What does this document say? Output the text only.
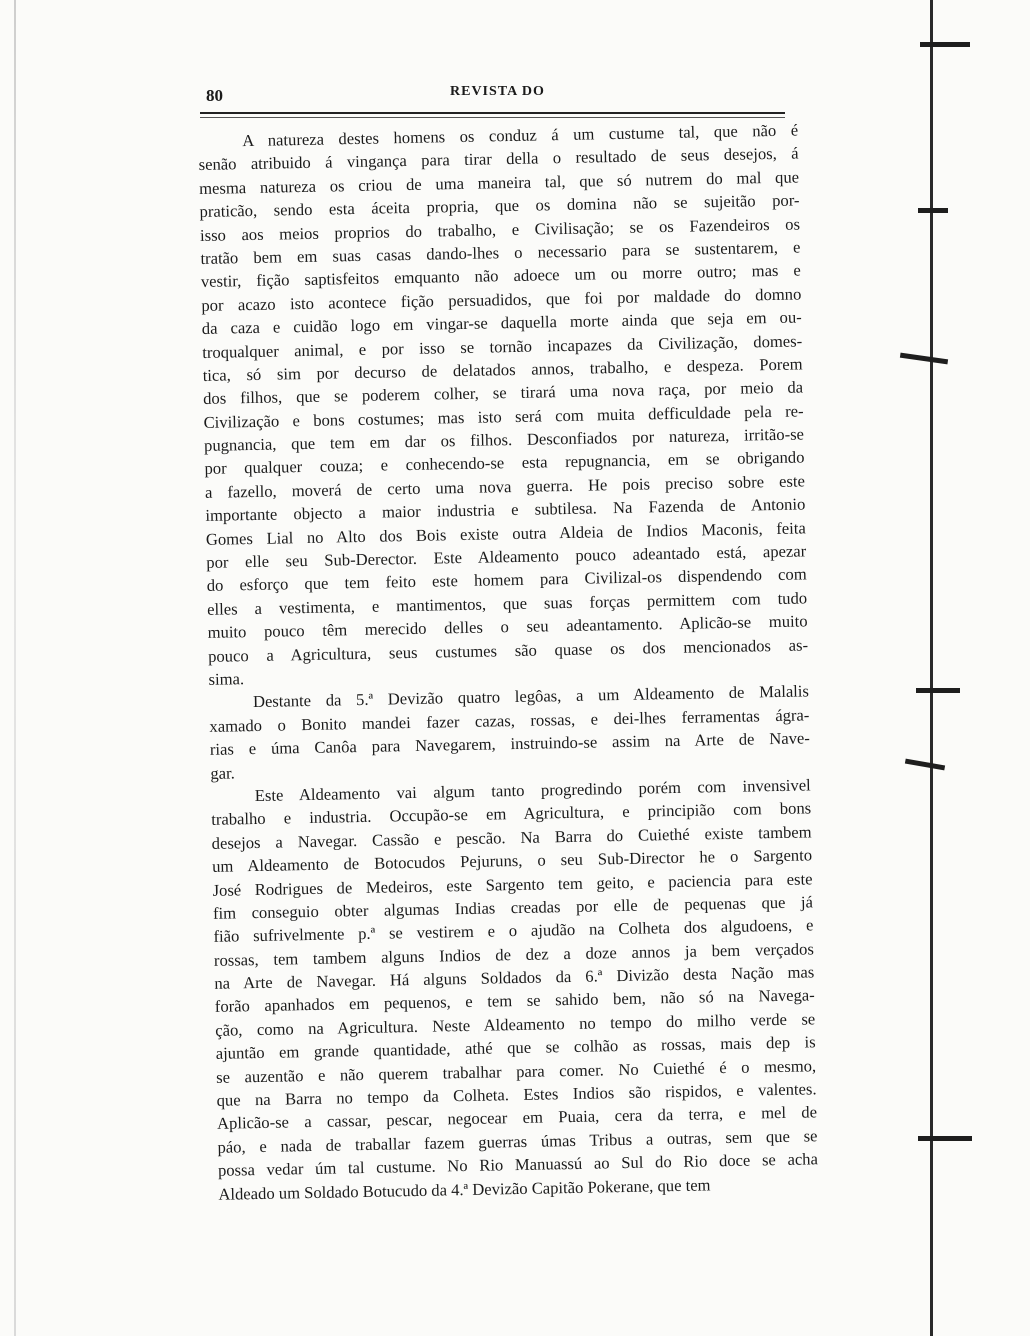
80	REVISTA DO
A natureza destes homens os conduz á um custume tal, que não é
senão atribuido á vingança para tirar della o resultado de seus desejos, á
mesma natureza os criou de uma maneira tal, que só nutrem do mal que
praticão, sendo esta áceita propria, que os domina não se sujeitão por-
isso aos meios proprios do trabalho, e Civilisação; se os Fazendeiros os
tratão bem em suas casas dando-lhes o necessario para se sustentarem, e
vestir, fição saptisfeitos emquanto não adoece um ou morre outro; mas e
por acazo isto acontece fição persuadidos, que foi por maldade do domno
da caza e cuidão logo em vingar-se daquella morte ainda que seja em ou-
troqualquer animal, e por isso se tornão incapazes da Civilização, domes-
tica, só sim por decurso de delatados annos, trabalho, e despeza. Porem
dos filhos, que se poderem colher, se tirará uma nova raça, por meio da
Civilização e bons costumes; mas isto será com muita defficuldade pela re-
pugnancia, que tem em dar os filhos. Desconfiados por natureza, irritão-se
por qualquer couza; e conhecendo-se esta repugnancia, em se obrigando
a fazello, moverá de certo uma nova guerra. He pois preciso sobre este
importante objecto a maior industria e subtilesa. Na Fazenda de Antonio
Gomes Lial no Alto dos Bois existe outra Aldeia de Indios Maconis, feita
por elle seu Sub-Derector. Este Aldeamento pouco adeantado está, apezar
do esforço que tem feito este homem para Civilizal-os dispendendo com
elles a vestimenta, e mantimentos, que suas forças permittem com tudo
muito pouco têm merecido delles o seu adeantamento. Aplicão-se muito
pouco a Agricultura, seus custumes são quase os dos mencionados as-
sima.
Destante da 5.ª Devizão quatro legôas, a um Aldeamento de Malalis
xamado o Bonito mandei fazer cazas, rossas, e dei-lhes ferramentas ágra-
rias e úma Canôa para Navegarem, instruindo-se assim na Arte de Nave-
gar.
Este Aldeamento vai algum tanto progredindo porém com invensivel
trabalho e industria. Occupão-se em Agricultura, e principião com bons
desejos a Navegar. Cassão e pescão. Na Barra do Cuiethé existe tambem
um Aldeamento de Botocudos Pejuruns, o seu Sub-Director he o Sargento
José Rodrigues de Medeiros, este Sargento tem geito, e paciencia para este
fim conseguio obter algumas Indias creadas por elle de pequenas que já
fião sufrivelmente p.ª se vestirem e o ajudão na Colheta dos algudoens, e
rossas, tem tambem alguns Indios de dez a doze annos ja bem verçados
na Arte de Navegar. Há alguns Soldados da 6.ª Divizão desta Nação mas
forão apanhados em pequenos, e tem se sahido bem, não só na Navega-
ção, como na Agricultura. Neste Aldeamento no tempo do milho verde se
ajuntão em grande quantidade, athé que se colhão as rossas, mais dep is
se auzentão e não querem trabalhar para comer. No Cuiethé é o mesmo,
que na Barra no tempo da Colheta. Estes Indios são rispidos, e valentes.
Aplicão-se a cassar, pescar, negocear em Puaia, cera da terra, e mel de
páo, e nada de traballar fazem guerras úmas Tribus a outras, sem que se
possa vedar úm tal custume. No Rio Manuassú ao Sul do Rio doce se acha
Aldeado um Soldado Botucudo da 4.ª Devizão Capitão Pokerane, que tem
